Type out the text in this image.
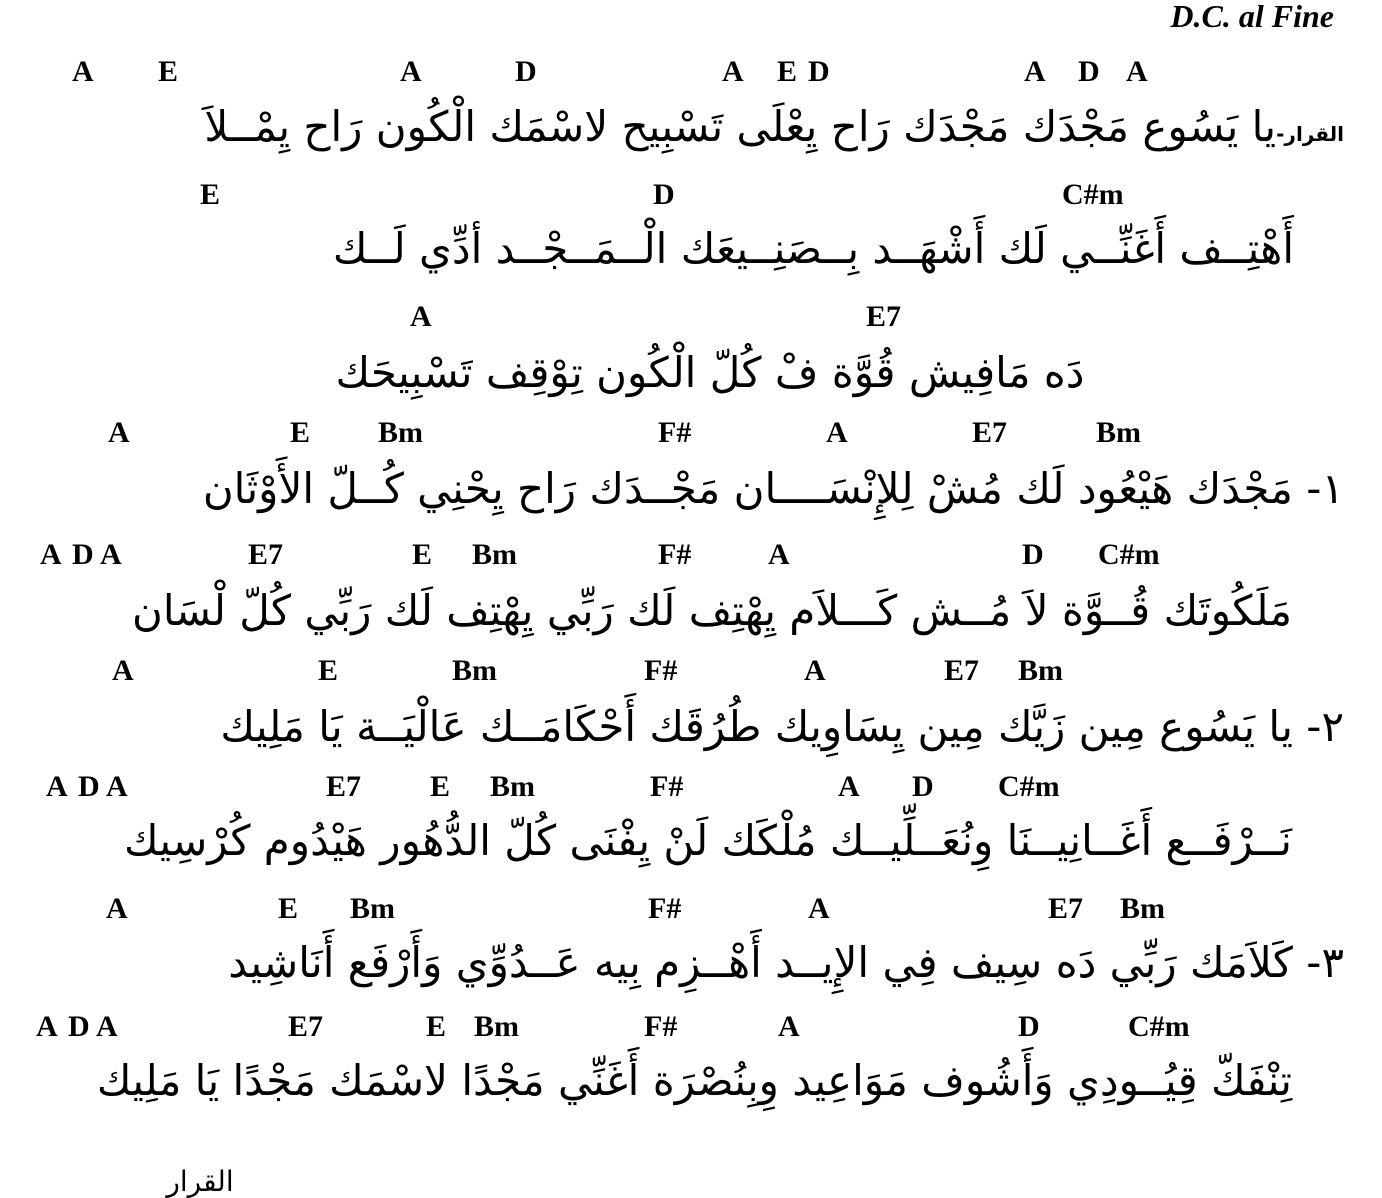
D.C. al Fine
A E	A	D	A E D	A D A
القرار-يا يَسُوع مَجْدَك مَجْدَك رَاح يِعْلَى تَسْبِيح لاسْمَك الْكُون رَاح يِمْــلاَ
E	D	C#m
أَهْتِــف أَغَنِّــي لَك أَشْهَــد بِــصَنِــيعَك الْــمَــجْــد أدِّي لَــك
A	E7
دَه مَافِيش قُوَّة فْ كُلّ الْكُون تِوْقِف تَسْبِيحَك
A	E Bm	F#	A	E7	Bm
١- مَجْدَك هَيْعُود لَك مُشْ لِلإِنْسَــــان مَجْــدَك رَاح يِحْنِي كُــلّ الأَوْثَان
A D A	E7	E Bm	F#	A	D C#m
مَلَكُوتَك قُــوَّة لاَ مُــش كَـــلاَم يِهْتِف لَك رَبِّي يِهْتِف لَك رَبِّي كُلّ لْسَان
A	E	Bm	F#	A	E7 Bm
٢- يا يَسُوع مِين زَيَّك مِين يِسَاوِيك طُرُقَك أَحْكَامَــك عَالْيَــة يَا مَلِيك
A D A	E7 E Bm	F#	A D C#m
نَــرْفَــع أَغَــانِيــنَا وِنُعَــلِّيــك مُلْكَك لَنْ يِفْنَى كُلّ الدُّهُور هَيْدُوم كُرْسِيك
A	E Bm	F#	A	E7 Bm
٣- كَلاَمَك رَبِّي دَه سِيف فِي الإِيــد أَهْــزِم بِيه عَــدُوِّي وَأَرْفَع أَنَاشِيد
A D A	E7	E Bm	F#	A	D	C#m
تِنْفَكّ قِيُــودِي وَأَشُوف مَوَاعِيد وِبِنُصْرَة أَغَنِّي مَجْدًا لاسْمَك مَجْدًا يَا مَلِيك
القرار
